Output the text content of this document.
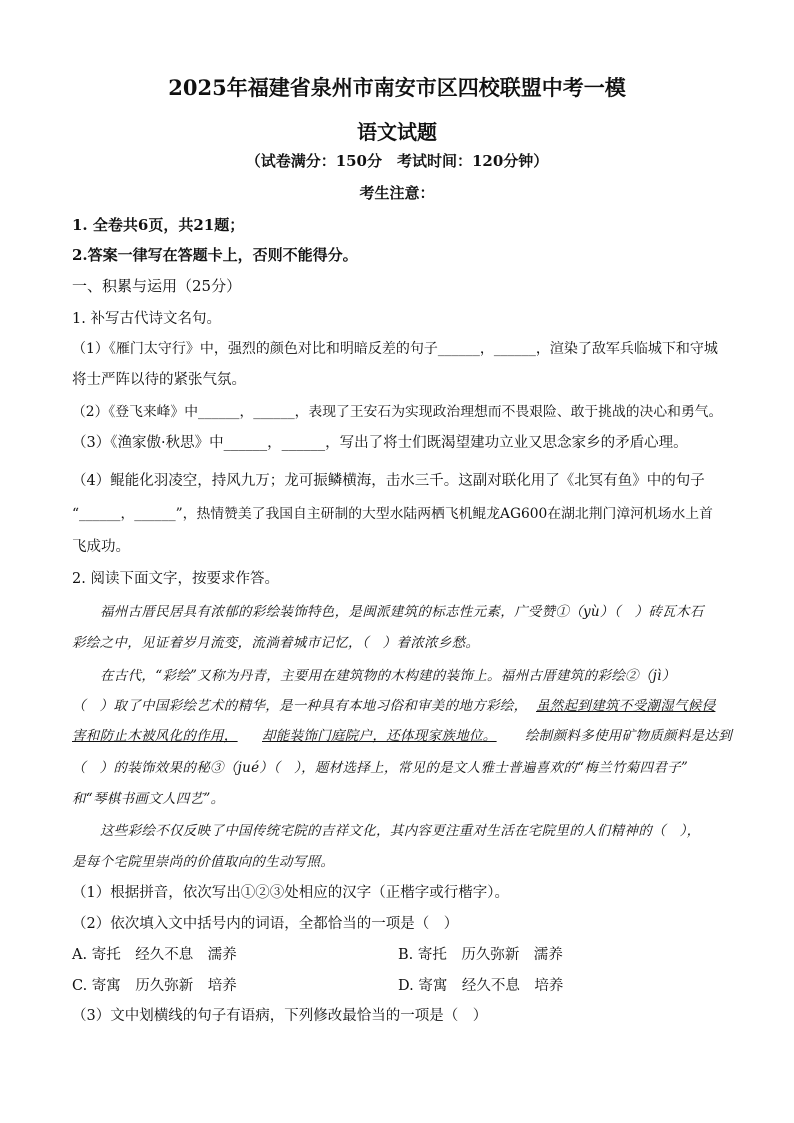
2025年福建省泉州市南安市区四校联盟中考一模
语文试题
（试卷满分：150分　考试时间：120分钟）
考生注意：
1. 全卷共6页，共21题；
2.答案一律写在答题卡上，否则不能得分。
一、积累与运用（25分）
1. 补写古代诗文名句。
（1）《雁门太守行》中，强烈的颜色对比和明暗反差的句子______，______，渲染了敌军兵临城下和守城
将士严阵以待的紧张气氛。
（2）《登飞来峰》中______，______，表现了王安石为实现政治理想而不畏艰险、敢于挑战的决心和勇气。
（3）《渔家傲·秋思》中______，______，写出了将士们既渴望建功立业又思念家乡的矛盾心理。
（4）鲲能化羽凌空，持风九万；龙可振鳞横海，击水三千。这副对联化用了《北冥有鱼》中的句子
“______，______”，热情赞美了我国自主研制的大型水陆两栖飞机鲲龙AG600在湖北荆门漳河机场水上首
飞成功。
2. 阅读下面文字，按要求作答。
福州古厝民居具有浓郁的彩绘装饰特色，是闽派建筑的标志性元素，广受赞①（yù）（　）砖瓦木石
彩绘之中，见证着岁月流变，流淌着城市记忆，（　）着浓浓乡愁。
在古代，“彩绘”又称为丹青，主要用在建筑物的木构建的装饰上。福州古厝建筑的彩绘②（jì）
（　）取了中国彩绘艺术的精华，是一种具有本地习俗和审美的地方彩绘， 虽然起到建筑不受潮湿气候侵
害和防止木被风化的作用，	却能装饰门庭院户，还体现家族地位。	绘制颜料多使用矿物质颜料是达到
（　）的装饰效果的秘③（jué）（　），题材选择上，常见的是文人雅士普遍喜欢的“梅兰竹菊四君子”
和“琴棋书画文人四艺”。
这些彩绘不仅反映了中国传统宅院的吉祥文化，其内容更注重对生活在宅院里的人们精神的（　），
是每个宅院里崇尚的价值取向的生动写照。
（1）根据拼音，依次写出①②③处相应的汉字（正楷字或行楷字）。
（2）依次填入文中括号内的词语，全都恰当的一项是（　）
A. 寄托　经久不息　濡养	B. 寄托　历久弥新　濡养
C. 寄寓　历久弥新　培养	D. 寄寓　经久不息　培养
（3）文中划横线的句子有语病，下列修改最恰当的一项是（　）
